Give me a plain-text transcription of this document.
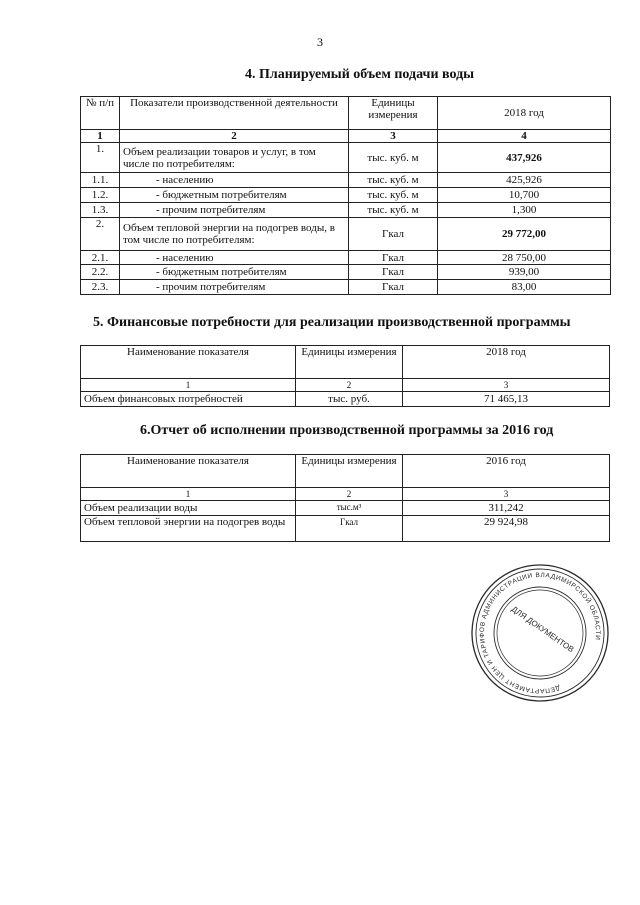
3
4. Планируемый объем подачи воды
№ п/п	Показатели производственной деятельности	Единицы измерения	2018 год
1	2	3	4
1.	Объем реализации товаров и услуг, в том числе по потребителям:	тыс. куб. м	437,926
1.1.	- населению	тыс. куб. м	425,926
1.2.	- бюджетным потребителям	тыс. куб. м	10,700
1.3.	- прочим потребителям	тыс. куб. м	1,300
2.	Объем тепловой энергии на подогрев воды, в том числе по потребителям:	Гкал	29 772,00
2.1.	- населению	Гкал	28 750,00
2.2.	- бюджетным потребителям	Гкал	939,00
2.3.	- прочим потребителям	Гкал	83,00
5. Финансовые потребности для реализации производственной программы
Наименование показателя	Единицы измерения	2018 год
1	2	3
Объем финансовых потребностей	тыс. руб.	71 465,13
6.Отчет об исполнении производственной программы за 2016 год
Наименование показателя	Единицы измерения	2016 год
1	2	3
Объем реализации воды	тыс.м³	311,242
Объем тепловой энергии на подогрев воды	Гкал	29 924,98
ДЕПАРТАМЕНТ ЦЕН И ТАРИФОВ АДМИНИСТРАЦИИ ВЛАДИМИРСКОЙ ОБЛАСТИ
ДЛЯ ДОКУМЕНТОВ
